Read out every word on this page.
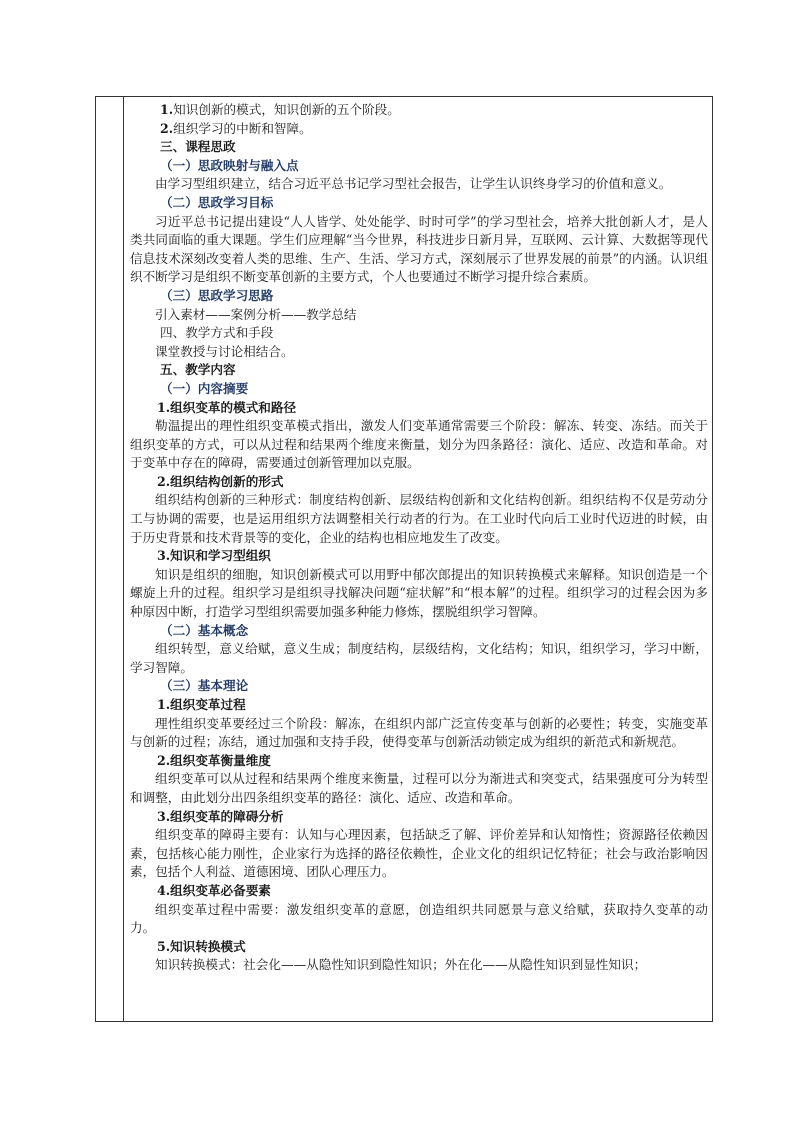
1.知识创新的模式，知识创新的五个阶段。

2.组织学习的中断和智障。

三、课程思政

（一）思政映射与融入点

由学习型组织建立，结合习近平总书记学习型社会报告，让学生认识终身学习的价值和意义。

（二）思政学习目标

习近平总书记提出建设“人人皆学、处处能学、时时可学”的学习型社会，培养大批创新人才，是人类共同面临的重大课题。学生们应理解“当今世界，科技进步日新月异，互联网、云计算、大数据等现代信息技术深刻改变着人类的思维、生产、生活、学习方式，深刻展示了世界发展的前景”的内涵。认识组织不断学习是组织不断变革创新的主要方式，个人也要通过不断学习提升综合素质。

（三）思政学习思路

引入素材——案例分析——教学总结

四、教学方式和手段

课堂教授与讨论相结合。

五、教学内容

（一）内容摘要

1.组织变革的模式和路径

勒温提出的理性组织变革模式指出，激发人们变革通常需要三个阶段：解冻、转变、冻结。而关于组织变革的方式，可以从过程和结果两个维度来衡量，划分为四条路径：演化、适应、改造和革命。对于变革中存在的障碍，需要通过创新管理加以克服。

2.组织结构创新的形式

组织结构创新的三种形式：制度结构创新、层级结构创新和文化结构创新。组织结构不仅是劳动分工与协调的需要，也是运用组织方法调整相关行动者的行为。在工业时代向后工业时代迈进的时候，由于历史背景和技术背景等的变化，企业的结构也相应地发生了改变。

3.知识和学习型组织

知识是组织的细胞，知识创新模式可以用野中郁次郎提出的知识转换模式来解释。知识创造是一个螺旋上升的过程。组织学习是组织寻找解决问题“症状解”和“根本解”的过程。组织学习的过程会因为多种原因中断，打造学习型组织需要加强多种能力修炼，摆脱组织学习智障。

（二）基本概念

组织转型，意义给赋，意义生成；制度结构，层级结构，文化结构；知识，组织学习，学习中断，学习智障。

（三）基本理论

1.组织变革过程

理性组织变革要经过三个阶段：解冻，在组织内部广泛宣传变革与创新的必要性；转变，实施变革与创新的过程；冻结，通过加强和支持手段，使得变革与创新活动锁定成为组织的新范式和新规范。

2.组织变革衡量维度

组织变革可以从过程和结果两个维度来衡量，过程可以分为渐进式和突变式，结果强度可分为转型和调整，由此划分出四条组织变革的路径：演化、适应、改造和革命。

3.组织变革的障碍分析

组织变革的障碍主要有：认知与心理因素，包括缺乏了解、评价差异和认知惰性；资源路径依赖因素，包括核心能力刚性，企业家行为选择的路径依赖性，企业文化的组织记忆特征；社会与政治影响因素，包括个人利益、道德困境、团队心理压力。

4.组织变革必备要素

组织变革过程中需要：激发组织变革的意愿，创造组织共同愿景与意义给赋，获取持久变革的动力。

5.知识转换模式

知识转换模式：社会化——从隐性知识到隐性知识；外在化——从隐性知识到显性知识；
